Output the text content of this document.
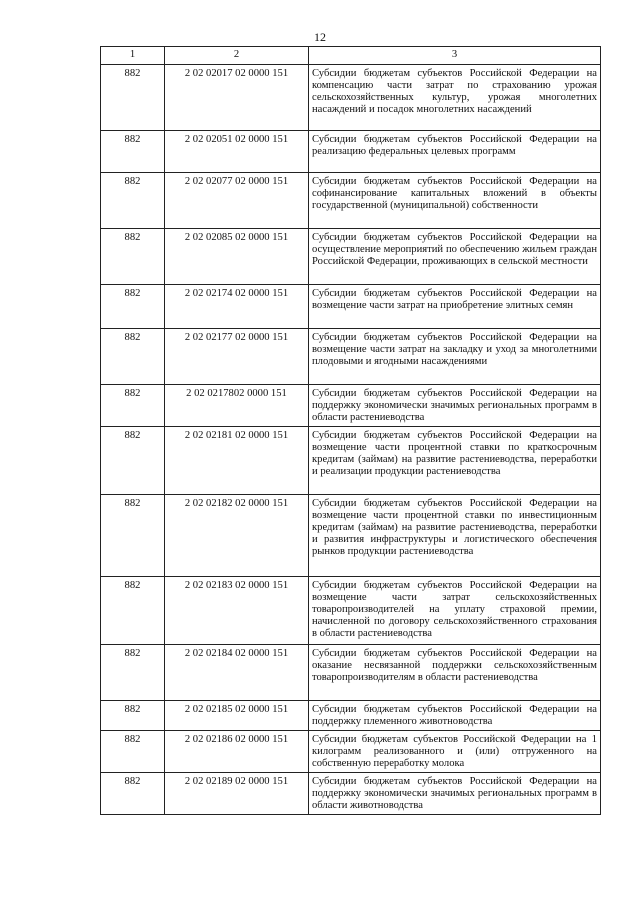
12
1	2	3
882	2 02 02017 02 0000 151	Субсидии бюджетам субъектов Российской Федерации на компенсацию части затрат по страхованию урожая сельскохозяйственных культур, урожая многолетних насаждений и посадок многолетних насаждений
882	2 02 02051 02 0000 151	Субсидии бюджетам субъектов Российской Федерации на реализацию федеральных целевых программ
882	2 02 02077 02 0000 151	Субсидии бюджетам субъектов Российской Федерации на софинансирование капитальных вложений в объекты государственной (муниципальной) собственности
882	2 02 02085 02 0000 151	Субсидии бюджетам субъектов Российской Федерации на осуществление мероприятий по обеспечению жильем граждан Российской Федерации, проживающих в сельской местности
882	2 02 02174 02 0000 151	Субсидии бюджетам субъектов Российской Федерации на возмещение части затрат на приобретение элитных семян
882	2 02 02177 02 0000 151	Субсидии бюджетам субъектов Российской Федерации на возмещение части затрат на закладку и уход за многолетними плодовыми и ягодными насаждениями
882	2 02 0217802 0000 151	Субсидии бюджетам субъектов Российской Федерации на поддержку экономически значимых региональных программ в области растениеводства
882	2 02 02181 02 0000 151	Субсидии бюджетам субъектов Российской Федерации на возмещение части процентной ставки по краткосрочным кредитам (займам) на развитие растениеводства, переработки и реализации продукции растениеводства
882	2 02 02182 02 0000 151	Субсидии бюджетам субъектов Российской Федерации на возмещение части процентной ставки по инвестиционным кредитам (займам) на развитие растениеводства, переработки и развития инфраструктуры и логистического обеспечения рынков продукции растениеводства
882	2 02 02183 02 0000 151	Субсидии бюджетам субъектов Российской Федерации на возмещение части затрат сельскохозяйственных товаропроизводителей на уплату страховой премии, начисленной по договору сельскохозяйственного страхования в области растениеводства
882	2 02 02184 02 0000 151	Субсидии бюджетам субъектов Российской Федерации на оказание несвязанной поддержки сельскохозяйственным товаропроизводителям в области растениеводства
882	2 02 02185 02 0000 151	Субсидии бюджетам субъектов Российской Федерации на поддержку племенного животноводства
882	2 02 02186 02 0000 151	Субсидии бюджетам субъектов Российской Федерации на 1 килограмм реализованного и (или) отгруженного на собственную переработку молока
882	2 02 02189 02 0000 151	Субсидии бюджетам субъектов Российской Федерации на поддержку экономически значимых региональных программ в области животноводства
